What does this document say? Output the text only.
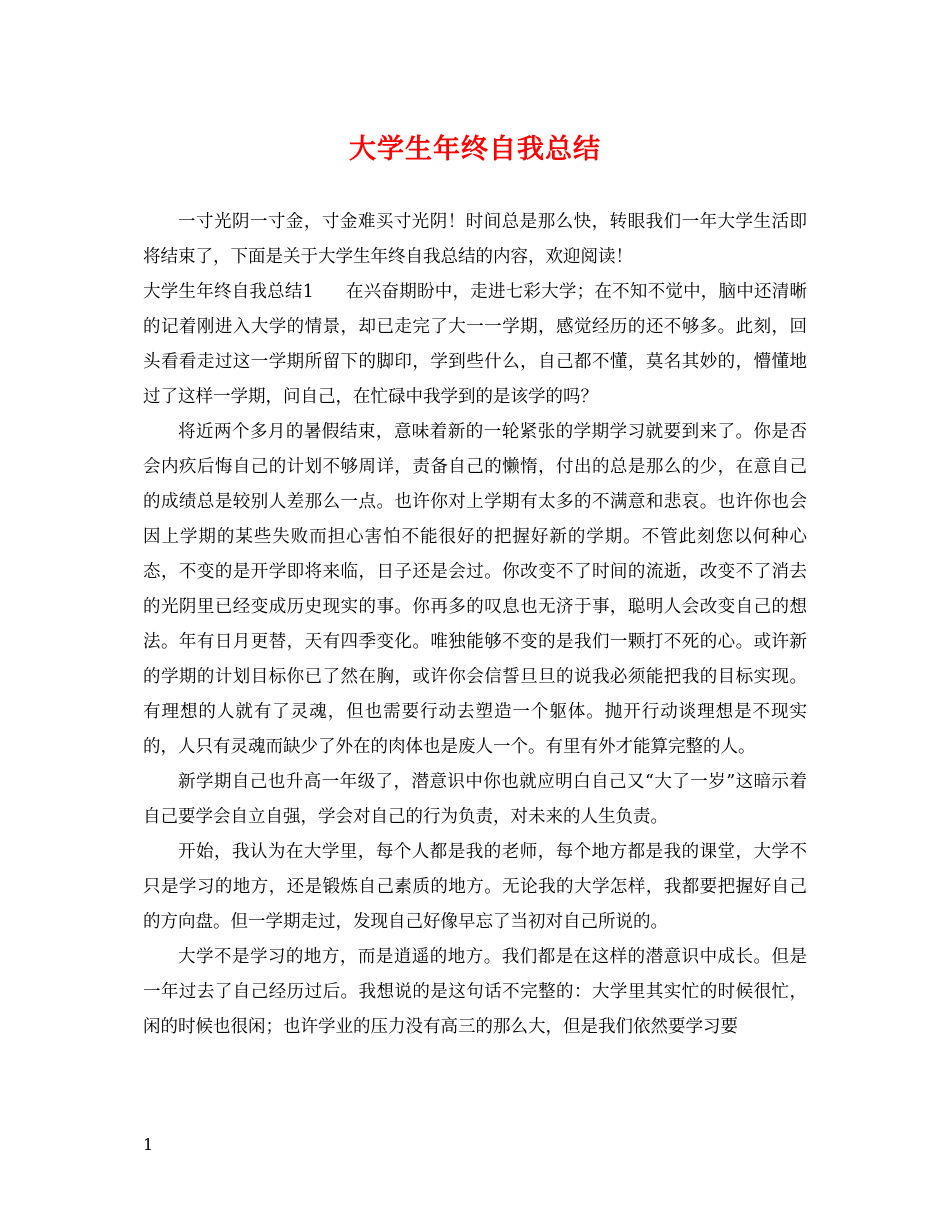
大学生年终自我总结

一寸光阴一寸金，寸金难买寸光阴！时间总是那么快，转眼我们一年大学生活即将结束了，下面是关于大学生年终自我总结的内容，欢迎阅读！

大学生年终自我总结1 在兴奋期盼中，走进七彩大学；在不知不觉中，脑中还清晰的记着刚进入大学的情景，却已走完了大一一学期，感觉经历的还不够多。此刻，回头看看走过这一学期所留下的脚印，学到些什么，自己都不懂，莫名其妙的，懵懂地过了这样一学期，问自己，在忙碌中我学到的是该学的吗？

将近两个多月的暑假结束，意味着新的一轮紧张的学期学习就要到来了。你是否会内疚后悔自己的计划不够周详，责备自己的懒惰，付出的总是那么的少，在意自己的成绩总是较别人差那么一点。也许你对上学期有太多的不满意和悲哀。也许你也会因上学期的某些失败而担心害怕不能很好的把握好新的学期。不管此刻您以何种心态，不变的是开学即将来临，日子还是会过。你改变不了时间的流逝，改变不了消去的光阴里已经变成历史现实的事。你再多的叹息也无济于事，聪明人会改变自己的想法。年有日月更替，天有四季变化。唯独能够不变的是我们一颗打不死的心。或许新的学期的计划目标你已了然在胸，或许你会信誓旦旦的说我必须能把我的目标实现。有理想的人就有了灵魂，但也需要行动去塑造一个躯体。抛开行动谈理想是不现实的，人只有灵魂而缺少了外在的肉体也是废人一个。有里有外才能算完整的人。

新学期自己也升高一年级了，潜意识中你也就应明白自己又“大了一岁”这暗示着自己要学会自立自强，学会对自己的行为负责，对未来的人生负责。

开始，我认为在大学里，每个人都是我的老师，每个地方都是我的课堂，大学不只是学习的地方，还是锻炼自己素质的地方。无论我的大学怎样，我都要把握好自己的方向盘。但一学期走过，发现自己好像早忘了当初对自己所说的。

大学不是学习的地方，而是逍遥的地方。我们都是在这样的潜意识中成长。但是一年过去了自己经历过后。我想说的是这句话不完整的：大学里其实忙的时候很忙，闲的时候也很闲；也许学业的压力没有高三的那么大，但是我们依然要学习要

1
